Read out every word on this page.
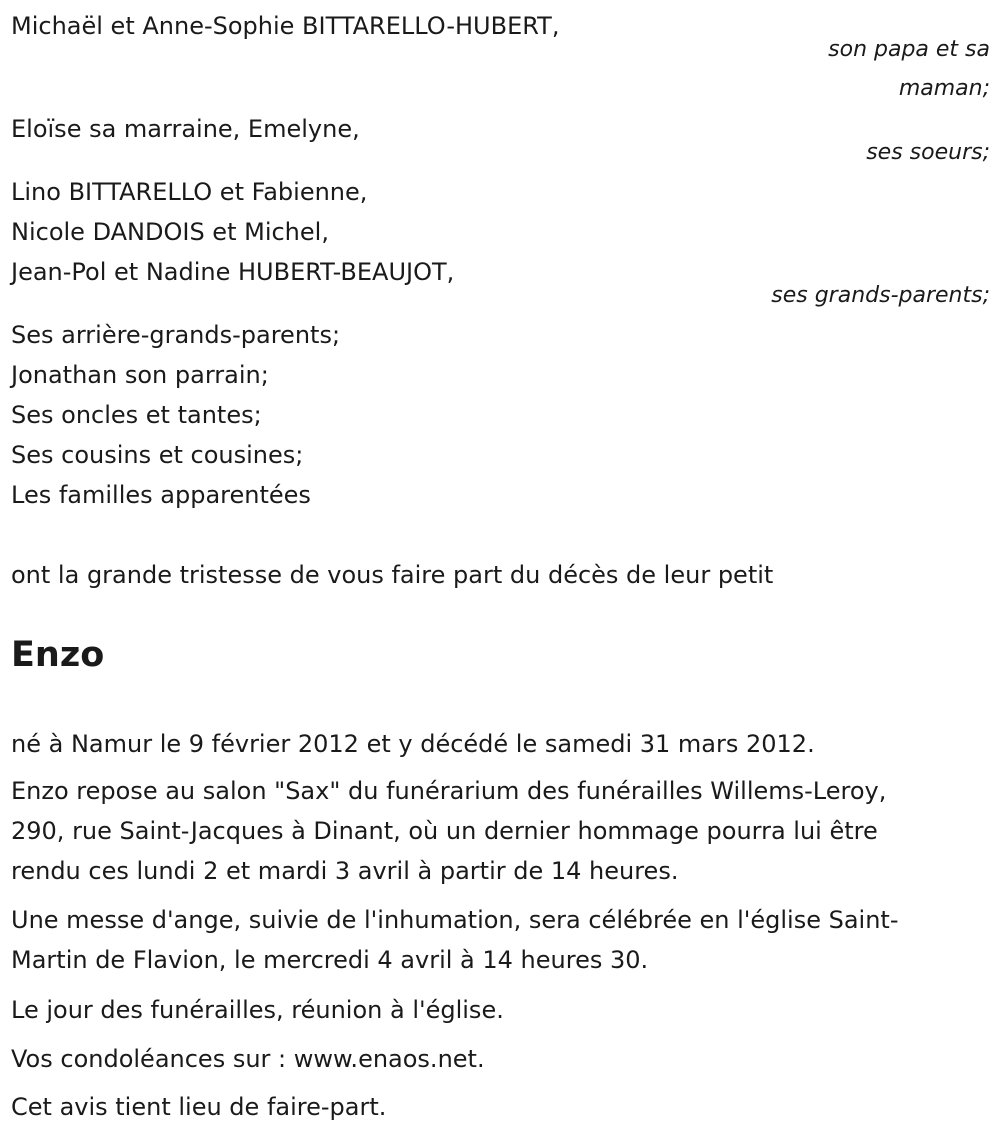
Michaël et Anne-Sophie BITTARELLO-HUBERT,
son papa et sa
maman;
Eloïse sa marraine, Emelyne,
ses soeurs;
Lino BITTARELLO et Fabienne,
Nicole DANDOIS et Michel,
Jean-Pol et Nadine HUBERT-BEAUJOT,
ses grands-parents;
Ses arrière-grands-parents;
Jonathan son parrain;
Ses oncles et tantes;
Ses cousins et cousines;
Les familles apparentées
ont la grande tristesse de vous faire part du décès de leur petit
Enzo
né à Namur le 9 février 2012 et y décédé le samedi 31 mars 2012.
Enzo repose au salon "Sax" du funérarium des funérailles Willems-Leroy,
290, rue Saint-Jacques à Dinant, où un dernier hommage pourra lui être
rendu ces lundi 2 et mardi 3 avril à partir de 14 heures.
Une messe d'ange, suivie de l'inhumation, sera célébrée en l'église Saint-
Martin de Flavion, le mercredi 4 avril à 14 heures 30.
Le jour des funérailles, réunion à l'église.
Vos condoléances sur : www.enaos.net.
Cet avis tient lieu de faire-part.
